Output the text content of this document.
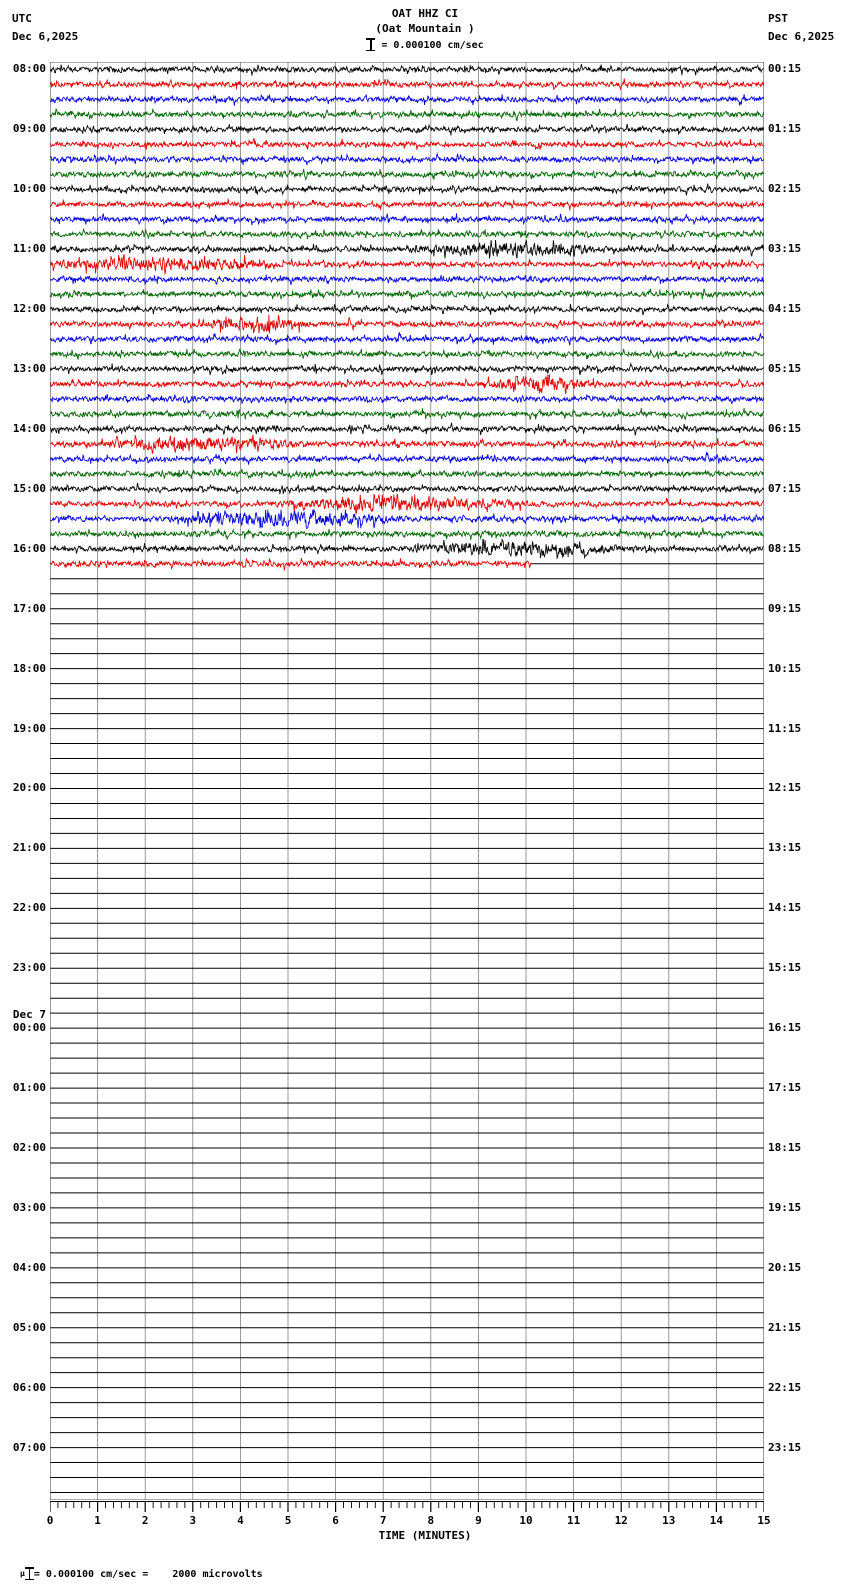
UTC
Dec 6,2025
OAT HHZ CI
(Oat Mountain )
= 0.000100 cm/sec
PST
Dec 6,2025
0	1	2	3	4	5	6	7	8	9	10	11	12	13	14	15
TIME (MINUTES)

μ = 0.000100 cm/sec =    2000 microvolts

08:00	00:15
09:00	01:15
10:00	02:15
11:00	03:15
12:00	04:15
13:00	05:15
14:00	06:15
15:00	07:15
16:00	08:15
17:00	09:15
18:00	10:15
19:00	11:15
20:00	12:15
21:00	13:15
22:00	14:15
23:00	15:15
00:00	16:15
01:00	17:15
02:00	18:15
03:00	19:15
04:00	20:15
05:00	21:15
06:00	22:15
07:00	23:15
Dec 7
